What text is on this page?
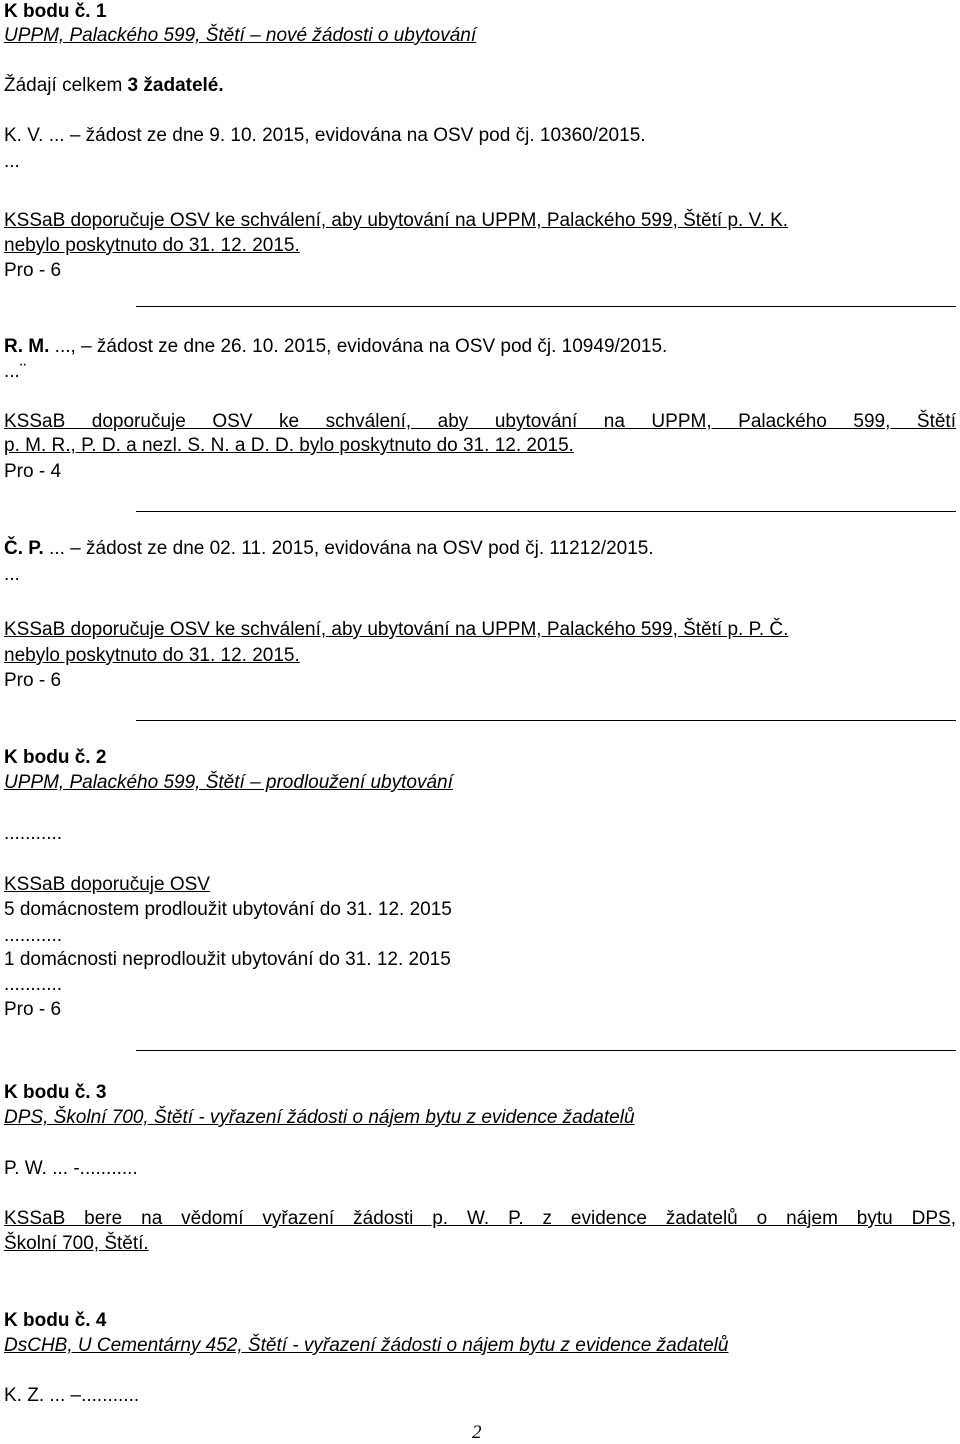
K bodu č. 1
UPPM, Palackého 599, Štětí – nové žádosti o ubytování
Žádají celkem 3 žadatelé.
K. V. ... – žádost ze dne 9. 10. 2015, evidována na OSV pod čj. 10360/2015.
...
KSSaB doporučuje OSV ke schválení, aby ubytování na UPPM, Palackého 599, Štětí p. V. K.
nebylo poskytnuto do 31. 12. 2015.
Pro - 6
R. M. ..., – žádost ze dne 26. 10. 2015, evidována na OSV pod čj. 10949/2015.
...¨
KSSaB doporučuje OSV ke schválení, aby ubytování na UPPM, Palackého 599, Štětí
p. M. R., P. D. a nezl. S. N. a D. D. bylo poskytnuto do 31. 12. 2015.
Pro - 4
Č. P. ... – žádost ze dne 02. 11. 2015, evidována na OSV pod čj. 11212/2015.
...
KSSaB doporučuje OSV ke schválení, aby ubytování na UPPM, Palackého 599, Štětí p. P. Č.
nebylo poskytnuto do 31. 12. 2015.
Pro - 6
K bodu č. 2
UPPM, Palackého 599, Štětí – prodloužení ubytování
...........
KSSaB doporučuje OSV
5 domácnostem prodloužit ubytování do 31. 12. 2015
...........
1 domácnosti neprodloužit ubytování do 31. 12. 2015
...........
Pro - 6
K bodu č. 3
DPS, Školní 700, Štětí - vyřazení žádosti o nájem bytu z evidence žadatelů
P. W. ... -...........
KSSaB bere na vědomí vyřazení žádosti p. W. P. z evidence žadatelů o nájem bytu DPS,
Školní 700, Štětí.
K bodu č. 4
DsCHB, U Cementárny 452, Štětí - vyřazení žádosti o nájem bytu z evidence žadatelů
K. Z. ... –...........
2
